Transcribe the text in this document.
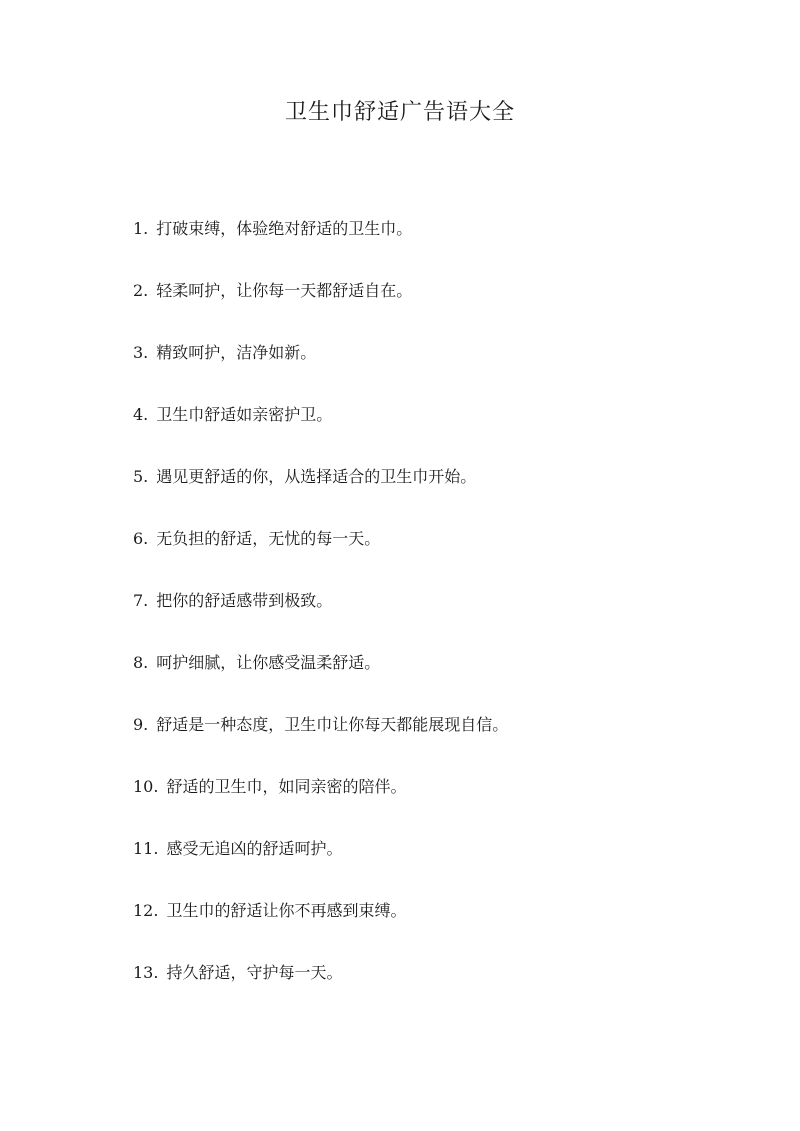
卫生巾舒适广告语大全
1. 打破束缚，体验绝对舒适的卫生巾。
2. 轻柔呵护，让你每一天都舒适自在。
3. 精致呵护，洁净如新。
4. 卫生巾舒适如亲密护卫。
5. 遇见更舒适的你，从选择适合的卫生巾开始。
6. 无负担的舒适，无忧的每一天。
7. 把你的舒适感带到极致。
8. 呵护细腻，让你感受温柔舒适。
9. 舒适是一种态度，卫生巾让你每天都能展现自信。
10. 舒适的卫生巾，如同亲密的陪伴。
11. 感受无追凶的舒适呵护。
12. 卫生巾的舒适让你不再感到束缚。
13. 持久舒适，守护每一天。
